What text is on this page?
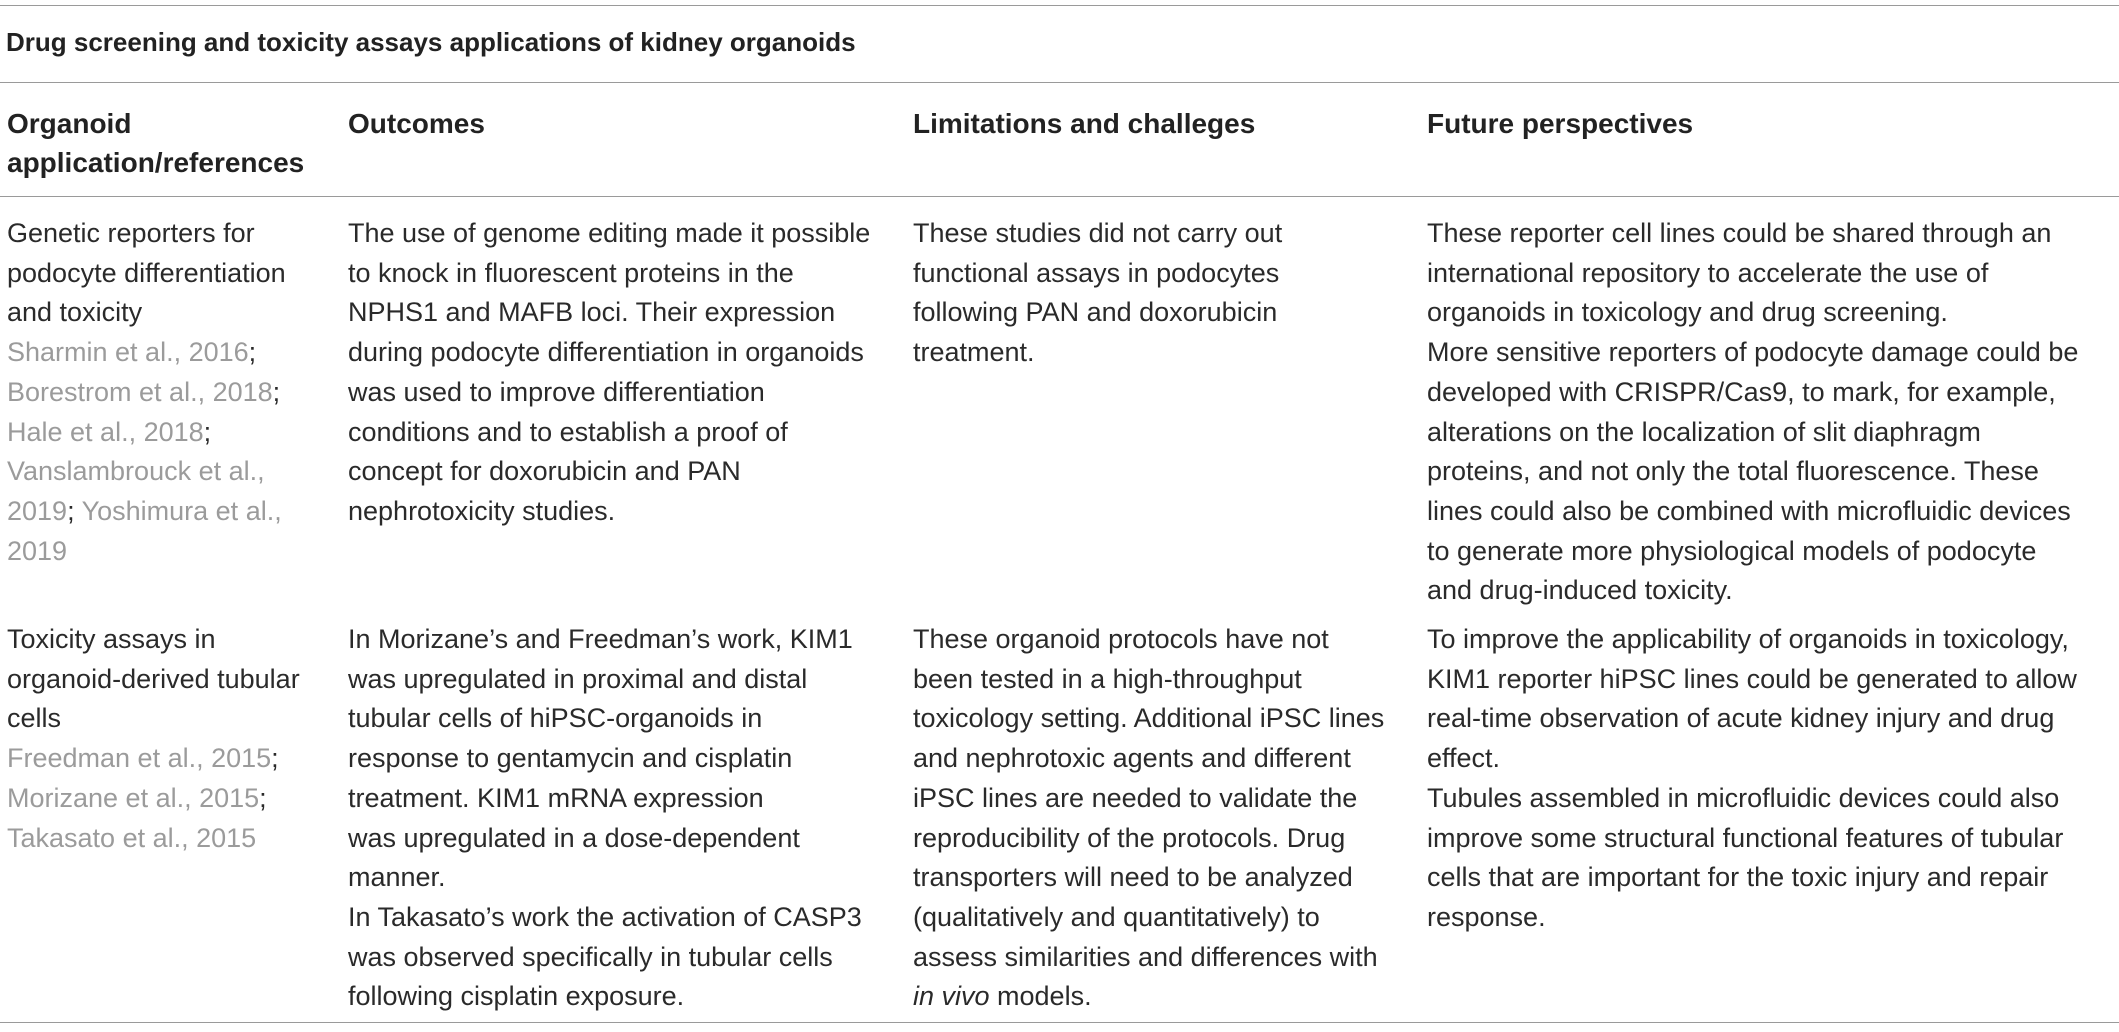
Drug screening and toxicity assays applications of kidney organoids
Organoid
application/references
Outcomes	Limitations and challeges	Future perspectives
Genetic reporters for
podocyte differentiation
and toxicity
Sharmin et al., 2016;
Borestrom et al., 2018;
Hale et al., 2018;
Vanslambrouck et al.,
2019; Yoshimura et al.,
2019
The use of genome editing made it possible
to knock in fluorescent proteins in the
NPHS1 and MAFB loci. Their expression
during podocyte differentiation in organoids
was used to improve differentiation
conditions and to establish a proof of
concept for doxorubicin and PAN
nephrotoxicity studies.
These studies did not carry out
functional assays in podocytes
following PAN and doxorubicin
treatment.
These reporter cell lines could be shared through an
international repository to accelerate the use of
organoids in toxicology and drug screening.
More sensitive reporters of podocyte damage could be
developed with CRISPR/Cas9, to mark, for example,
alterations on the localization of slit diaphragm
proteins, and not only the total fluorescence. These
lines could also be combined with microfluidic devices
to generate more physiological models of podocyte
and drug-induced toxicity.
Toxicity assays in
organoid-derived tubular
cells
Freedman et al., 2015;
Morizane et al., 2015;
Takasato et al., 2015
In Morizane’s and Freedman’s work, KIM1
was upregulated in proximal and distal
tubular cells of hiPSC-organoids in
response to gentamycin and cisplatin
treatment. KIM1 mRNA expression
was upregulated in a dose-dependent
manner.
In Takasato’s work the activation of CASP3
was observed specifically in tubular cells
following cisplatin exposure.
These organoid protocols have not
been tested in a high-throughput
toxicology setting. Additional iPSC lines
and nephrotoxic agents and different
iPSC lines are needed to validate the
reproducibility of the protocols. Drug
transporters will need to be analyzed
(qualitatively and quantitatively) to
assess similarities and differences with
in vivo models.
To improve the applicability of organoids in toxicology,
KIM1 reporter hiPSC lines could be generated to allow
real-time observation of acute kidney injury and drug
effect.
Tubules assembled in microfluidic devices could also
improve some structural functional features of tubular
cells that are important for the toxic injury and repair
response.
